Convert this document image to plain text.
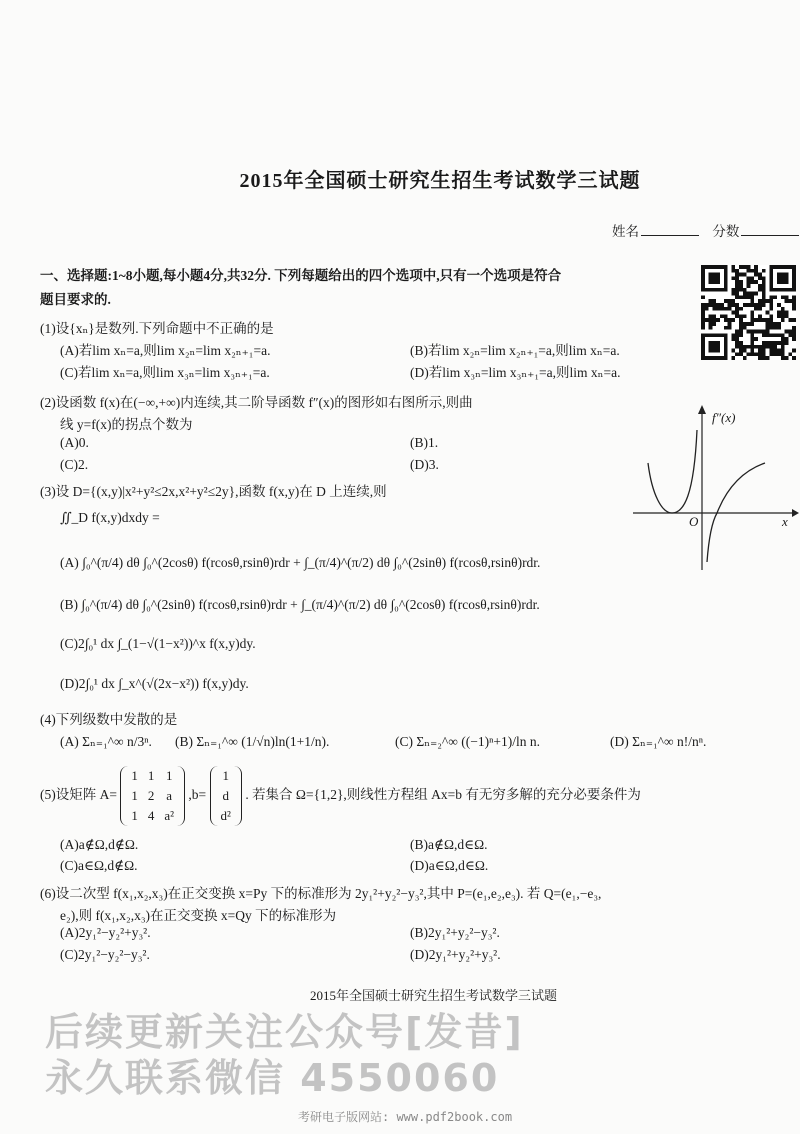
2015年全国硕士研究生招生考试数学三试题
姓名	分数
一、选择题:1~8小题,每小题4分,共32分. 下列每题给出的四个选项中,只有一个选项是符合
题目要求的.
(1)设{xₙ}是数列.下列命题中不正确的是
(A)若lim xₙ=a,则lim x₂ₙ=lim x₂ₙ₊₁=a.	(B)若lim x₂ₙ=lim x₂ₙ₊₁=a,则lim xₙ=a.
(C)若lim xₙ=a,则lim x₃ₙ=lim x₃ₙ₊₁=a.	(D)若lim x₃ₙ=lim x₃ₙ₊₁=a,则lim xₙ=a.
(2)设函数 f(x)在(−∞,+∞)内连续,其二阶导函数 f″(x)的图形如右图所示,则曲
线 y=f(x)的拐点个数为
(A)0.	(B)1.
(C)2.	(D)3.
f″(x)
x
O
(3)设 D={(x,y)|x²+y²≤2x,x²+y²≤2y},函数 f(x,y)在 D 上连续,则
∬_D f(x,y)dxdy =
(A) ∫₀^(π/4) dθ ∫₀^(2cosθ) f(rcosθ,rsinθ)rdr + ∫_(π/4)^(π/2) dθ ∫₀^(2sinθ) f(rcosθ,rsinθ)rdr.
(B) ∫₀^(π/4) dθ ∫₀^(2sinθ) f(rcosθ,rsinθ)rdr + ∫_(π/4)^(π/2) dθ ∫₀^(2cosθ) f(rcosθ,rsinθ)rdr.
(C)2∫₀¹ dx ∫_(1−√(1−x²))^x f(x,y)dy.
(D)2∫₀¹ dx ∫_x^(√(2x−x²)) f(x,y)dy.
(4)下列级数中发散的是
(A) Σₙ₌₁^∞ n/3ⁿ. (B) Σₙ₌₁^∞ (1/√n)ln(1+1/n).	(C) Σₙ₌₂^∞ ((−1)ⁿ+1)/ln n.	(D) Σₙ₌₁^∞ n!/nⁿ.
(5)设矩阵 A=
1	1	1
1	2	a
1	4	a²
,b=
1
d
d²
. 若集合 Ω={1,2},则线性方程组 Ax=b 有无穷多解的充分必要条件为
(A)a∉Ω,d∉Ω.	(B)a∉Ω,d∈Ω.
(C)a∈Ω,d∉Ω.	(D)a∈Ω,d∈Ω.
(6)设二次型 f(x₁,x₂,x₃)在正交变换 x=Py 下的标准形为 2y₁²+y₂²−y₃²,其中 P=(e₁,e₂,e₃). 若 Q=(e₁,−e₃,
e₂),则 f(x₁,x₂,x₃)在正交变换 x=Qy 下的标准形为
(A)2y₁²−y₂²+y₃².	(B)2y₁²+y₂²−y₃².
(C)2y₁²−y₂²−y₃².	(D)2y₁²+y₂²+y₃².
2015年全国硕士研究生招生考试数学三试题
后续更新关注公众号[发昔]
永久联系微信 4550060
考研电子版网站: www.pdf2book.com
